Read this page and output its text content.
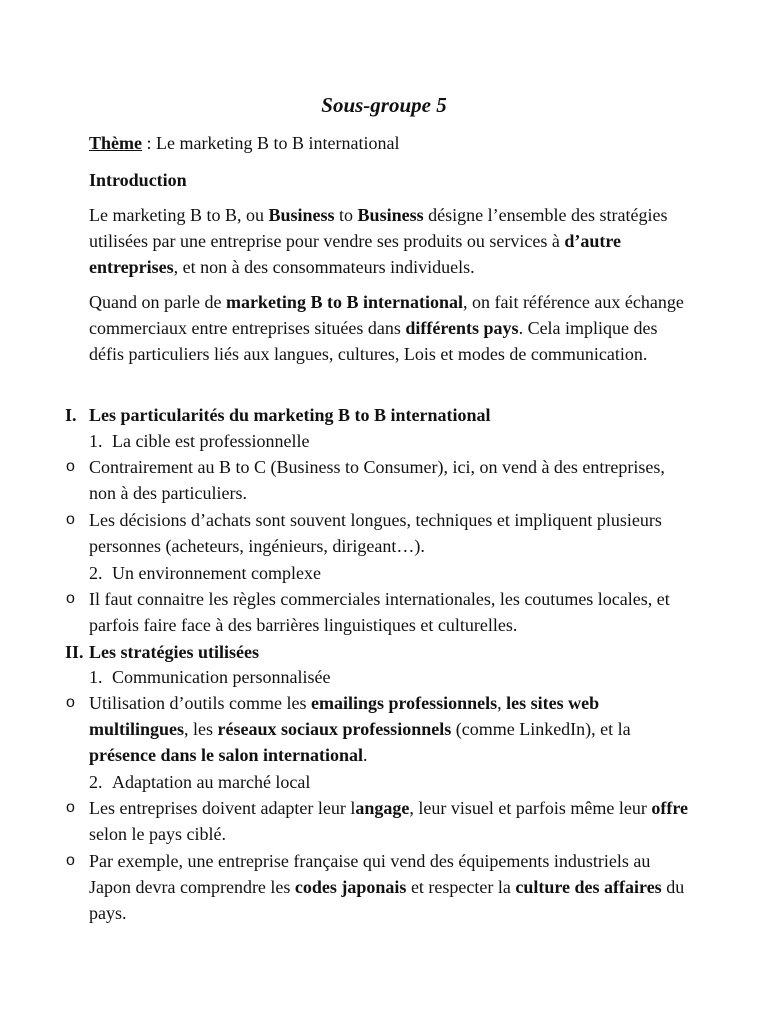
Sous-groupe 5
Thème : Le marketing B to B international
Introduction
Le marketing B to B, ou Business to Business désigne l’ensemble des stratégies utilisées par une entreprise pour vendre ses produits ou services à d’autre entreprises, et non à des consommateurs individuels.
Quand on parle de marketing B to B international, on fait référence aux échange commerciaux entre entreprises situées dans différents pays. Cela implique des défis particuliers liés aux langues, cultures, Lois et modes de communication.
I. Les particularités du marketing B to B international
1. La cible est professionnelle
o Contrairement au B to C (Business to Consumer), ici, on vend à des entreprises, non à des particuliers.
o Les décisions d’achats sont souvent longues, techniques et impliquent plusieurs personnes (acheteurs, ingénieurs, dirigeant…).
2. Un environnement complexe
o Il faut connaitre les règles commerciales internationales, les coutumes locales, et parfois faire face à des barrières linguistiques et culturelles.
II. Les stratégies utilisées
1. Communication personnalisée
o Utilisation d’outils comme les emailings professionnels, les sites web multilingues, les réseaux sociaux professionnels (comme LinkedIn), et la présence dans le salon international.
2. Adaptation au marché local
o Les entreprises doivent adapter leur langage, leur visuel et parfois même leur offre selon le pays ciblé.
o Par exemple, une entreprise française qui vend des équipements industriels au Japon devra comprendre les codes japonais et respecter la culture des affaires du pays.
